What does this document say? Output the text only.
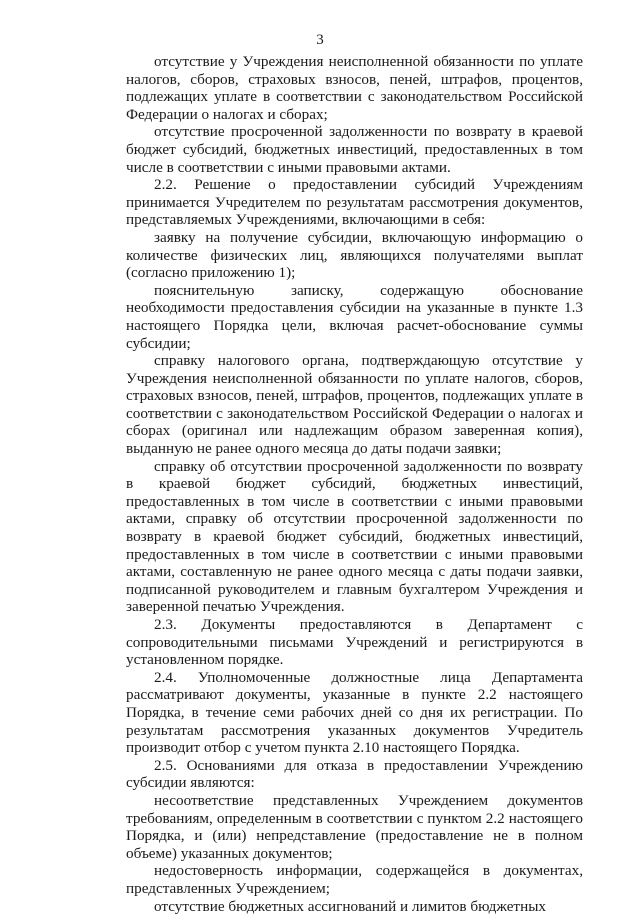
3

отсутствие у Учреждения неисполненной обязанности по уплате налогов, сборов, страховых взносов, пеней, штрафов, процентов, подлежащих уплате в соответствии с законодательством Российской Федерации о налогах и сборах;

отсутствие просроченной задолженности по возврату в краевой бюджет субсидий, бюджетных инвестиций, предоставленных в том числе в соответствии с иными правовыми актами.

2.2. Решение о предоставлении субсидий Учреждениям принимается Учредителем по результатам рассмотрения документов, представляемых Учреждениями, включающими в себя:

заявку на получение субсидии, включающую информацию о количестве физических лиц, являющихся получателями выплат (согласно приложению 1);

пояснительную записку, содержащую обоснование необходимости предоставления субсидии на указанные в пункте 1.3 настоящего Порядка цели, включая расчет-обоснование суммы субсидии;

справку налогового органа, подтверждающую отсутствие у Учреждения неисполненной обязанности по уплате налогов, сборов, страховых взносов, пеней, штрафов, процентов, подлежащих уплате в соответствии с законодательством Российской Федерации о налогах и сборах (оригинал или надлежащим образом заверенная копия), выданную не ранее одного месяца до даты подачи заявки;

справку об отсутствии просроченной задолженности по возврату в краевой бюджет субсидий, бюджетных инвестиций, предоставленных в том числе в соответствии с иными правовыми актами, справку об отсутствии просроченной задолженности по возврату в краевой бюджет субсидий, бюджетных инвестиций, предоставленных в том числе в соответствии с иными правовыми актами, составленную не ранее одного месяца с даты подачи заявки, подписанной руководителем и главным бухгалтером Учреждения и заверенной печатью Учреждения.

2.3. Документы предоставляются в Департамент с сопроводительными письмами Учреждений и регистрируются в установленном порядке.

2.4. Уполномоченные должностные лица Департамента рассматривают документы, указанные в пункте 2.2 настоящего Порядка, в течение семи рабочих дней со дня их регистрации. По результатам рассмотрения указанных документов Учредитель производит отбор с учетом пункта 2.10 настоящего Порядка.

2.5. Основаниями для отказа в предоставлении Учреждению субсидии являются:

несоответствие представленных Учреждением документов требованиям, определенным в соответствии с пунктом 2.2 настоящего Порядка, и (или) непредставление (предоставление не в полном объеме) указанных документов;

недостоверность информации, содержащейся в документах, представленных Учреждением;

отсутствие бюджетных ассигнований и лимитов бюджетных
